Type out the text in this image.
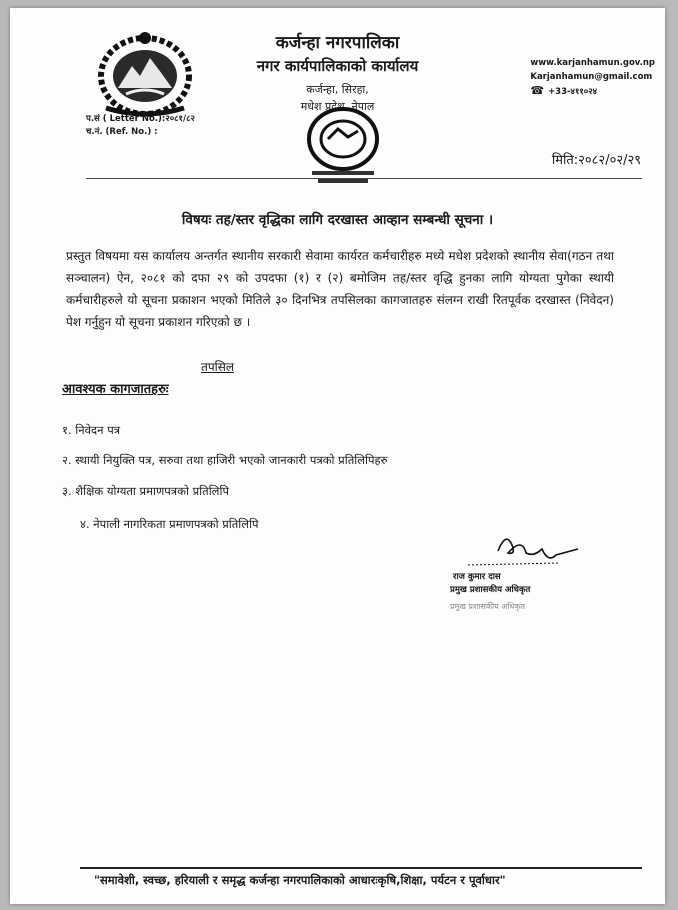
कर्जन्हा नगरपालिका
नगर कार्यपालिकाको कार्यालय
कर्जन्हा, सिरहा,
मधेश प्रदेश, नेपाल
www.karjanhamun.gov.np
Karjanhamun@gmail.com
☎ +33-४११०२४
प.सं ( Letter No.):२०८१/८२
च.नं. (Ref. No.) :
मिति:२०८२/०२/२९
विषयः तह/स्तर वृद्धिका लागि दरखास्त आव्हान सम्बन्धी सूचना ।
प्रस्तुत विषयमा यस कार्यालय अन्तर्गत स्थानीय सरकारी सेवामा कार्यरत कर्मचारीहरु मध्ये मधेश प्रदेशको स्थानीय सेवा(गठन तथा सञ्चालन) ऐन, २०८१ को दफा २९ को उपदफा (१) र (२) बमोजिम तह/स्तर वृद्धि हुनका लागि योग्यता पुगेका स्थायी कर्मचारीहरुले यो सूचना प्रकाशन भएको मितिले ३० दिनभित्र तपसिलका कागजातहरु संलग्न राखी रितपूर्वक दरखास्त (निवेदन) पेश गर्नुहुन यो सूचना प्रकाशन गरिएको छ ।
तपसिल
आवश्यक कागजातहरुः
१. निवेदन पत्र
२. स्थायी नियुक्ति पत्र, सरुवा तथा हाजिरी भएको जानकारी पत्रको प्रतिलिपिहरु
३. शैक्षिक योग्यता प्रमाणपत्रको प्रतिलिपि
४. नेपाली नागरिकता प्रमाणपत्रको प्रतिलिपि
राज कुमार दास
प्रमुख प्रशासकीय अधिकृत
प्रमुख प्रशासकीय अधिकृत
"समावेशी, स्वच्छ, हरियाली र समृद्ध कर्जन्हा नगरपालिकाको आधारःकृषि,शिक्षा, पर्यटन र पूर्वाधार"
